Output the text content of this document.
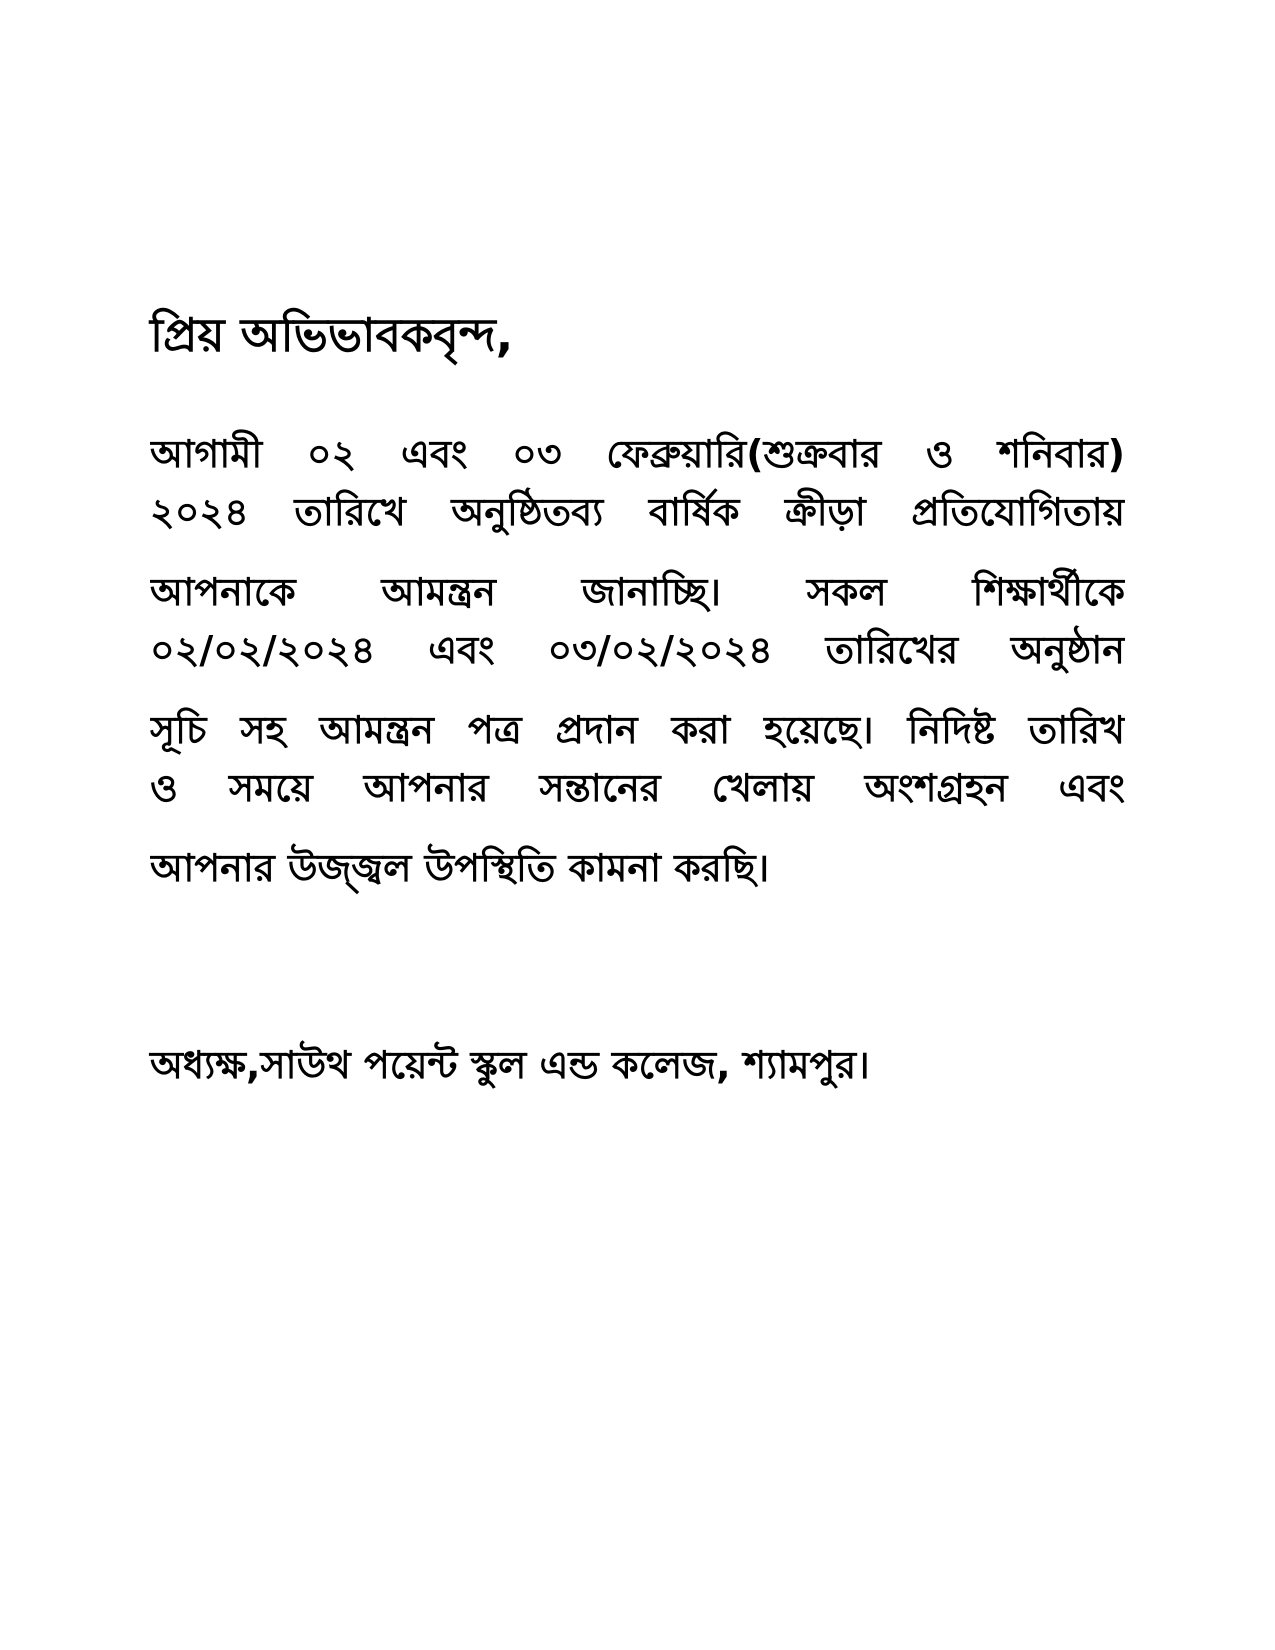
প্রিয় অভিভাবকবৃন্দ,

আগামী ০২ এবং ০৩ ফেব্রুয়ারি(শুক্রবার ও শনিবার)
২০২৪ তারিখে অনুষ্ঠিতব্য বার্ষিক ক্রীড়া প্রতিযোগিতায়
আপনাকে আমন্ত্রন জানাচ্ছি। সকল শিক্ষার্থীকে
০২/০২/২০২৪ এবং ০৩/০২/২০২৪ তারিখের অনুষ্ঠান
সূচি সহ আমন্ত্রন পত্র প্রদান করা হয়েছে। নিদিষ্ট তারিখ
ও সময়ে আপনার সন্তানের খেলায় অংশগ্রহন এবং
আপনার উজ্জ্বল উপস্থিতি কামনা করছি।

অধ্যক্ষ,সাউথ পয়েন্ট স্কুল এন্ড কলেজ, শ্যামপুর।
